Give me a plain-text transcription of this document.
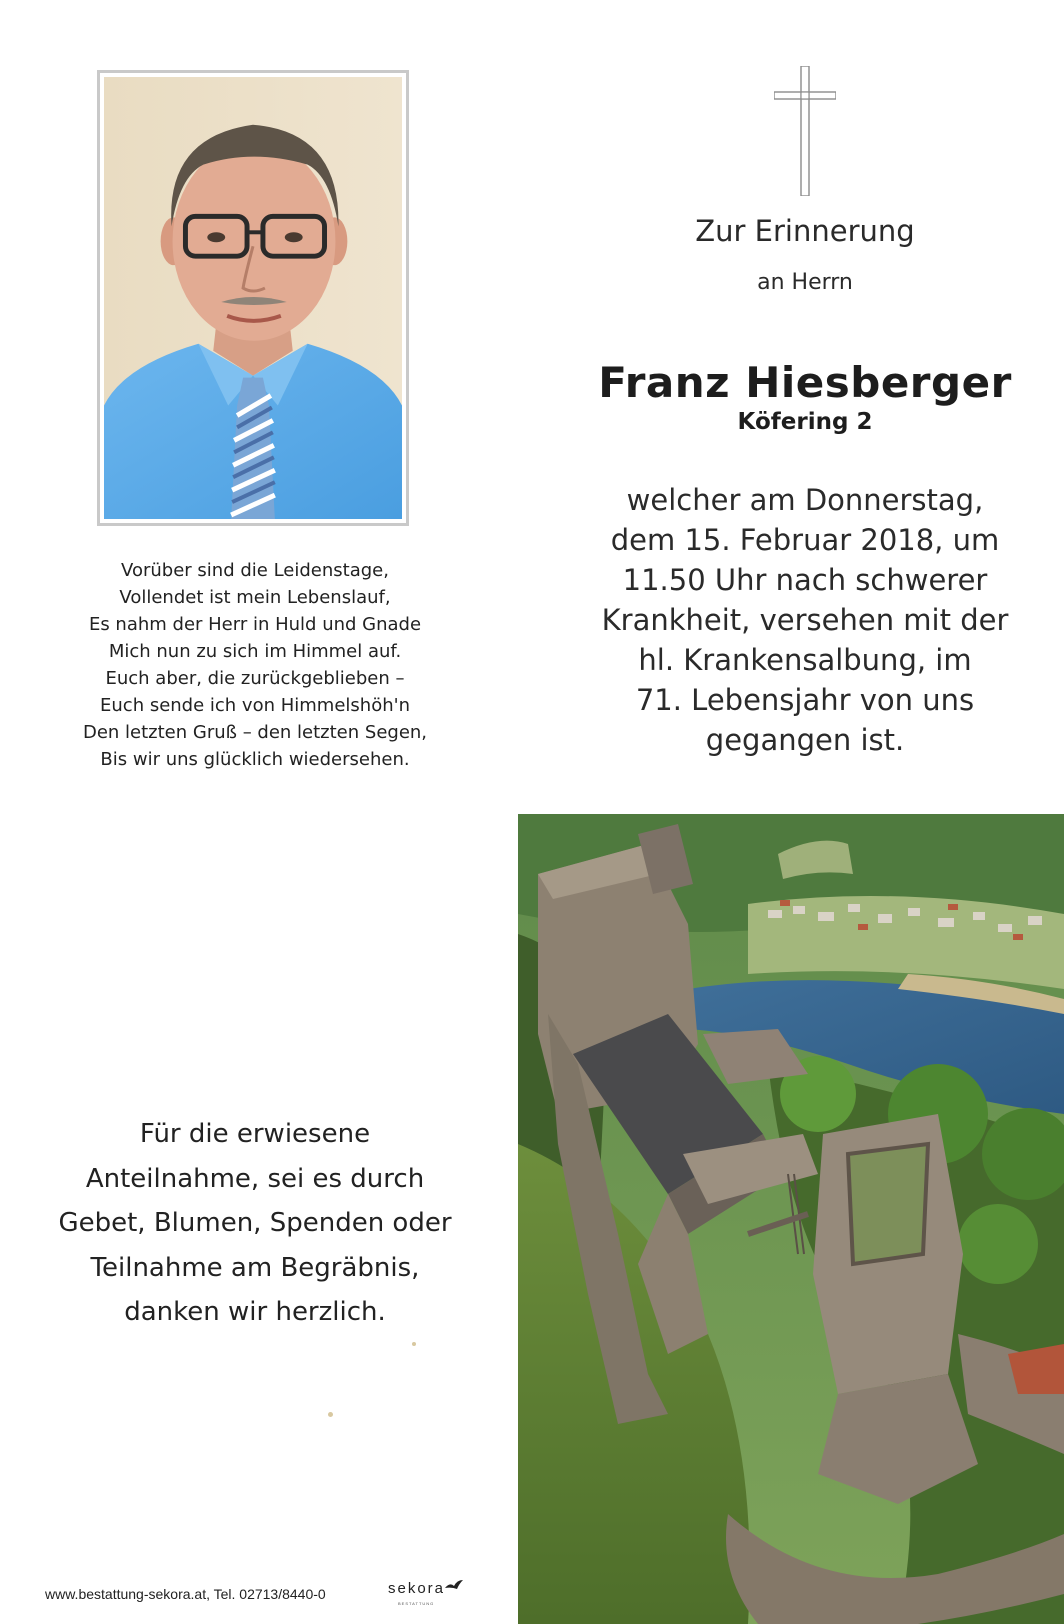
Vorüber sind die Leidenstage,
Vollendet ist mein Lebenslauf,
Es nahm der Herr in Huld und Gnade
Mich nun zu sich im Himmel auf.
Euch aber, die zurückgeblieben –
Euch sende ich von Himmelshöh'n
Den letzten Gruß – den letzten Segen,
Bis wir uns glücklich wiedersehen.
Zur Erinnerung
an Herrn
Franz Hiesberger
Köfering 2
welcher am Donnerstag,
dem 15. Februar 2018, um
11.50 Uhr nach schwerer
Krankheit, versehen mit der
hl. Krankensalbung, im
71. Lebensjahr von uns
gegangen ist.
Für die erwiesene
Anteilnahme, sei es durch
Gebet, Blumen, Spenden oder
Teilnahme am Begräbnis,
danken wir herzlich.
www.bestattung-sekora.at, Tel. 02713/8440-0	sekora
BESTATTUNG
